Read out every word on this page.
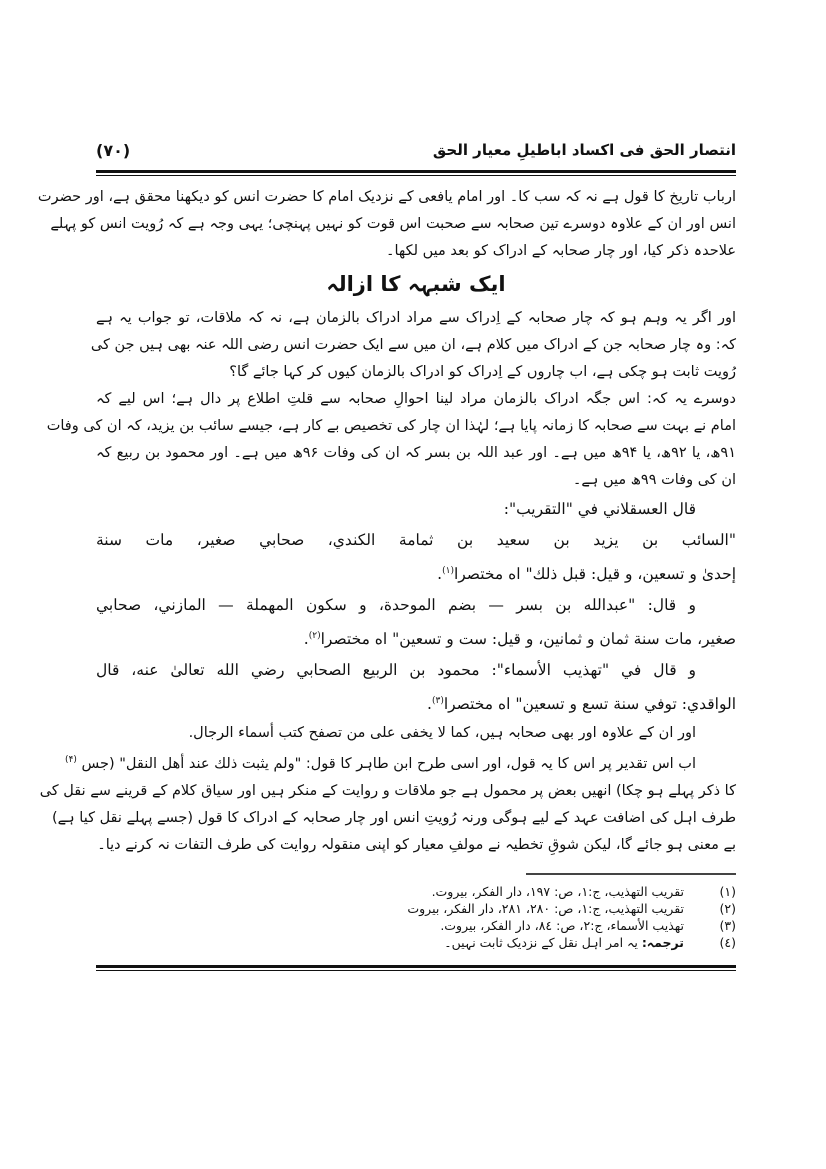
انتصار الحق فی اکساد اباطیلِ معیار الحق
(۷۰)
ارباب تاریخ کا قول ہے نہ کہ سب کا۔ اور امام یافعی کے نزدیک امام کا حضرت انس کو دیکھنا محقق ہے، اور حضرت
انس اور ان کے علاوہ دوسرے تین صحابہ سے صحبت اس قوت کو نہیں پہنچی؛ یہی وجہ ہے کہ رُویت انس کو پہلے
علاحدہ ذکر کیا، اور چار صحابہ کے ادراک کو بعد میں لکھا۔
ایک شبہہ کا ازالہ
اور اگر یہ وہم ہو کہ چار صحابہ کے اِدراک سے مراد ادراک بالزمان ہے، نہ کہ ملاقات، تو جواب یہ ہے
کہ: وہ چار صحابہ جن کے ادراک میں کلام ہے، ان میں سے ایک حضرت انس رضی اللہ عنہ بھی ہیں جن کی
رُویت ثابت ہو چکی ہے، اب چاروں کے اِدراک کو ادراک بالزمان کیوں کر کہا جائے گا؟
دوسرے یہ کہ: اس جگہ ادراک بالزمان مراد لینا احوالِ صحابہ سے قلتِ اطلاع پر دال ہے؛ اس لیے کہ
امام نے بہت سے صحابہ کا زمانہ پایا ہے؛ لہٰذا ان چار کی تخصیص بے کار ہے، جیسے سائب بن یزید، کہ ان کی وفات
۹۱ھ، یا ۹۲ھ، یا ۹۴ھ میں ہے۔ اور عبد اللہ بن بسر کہ ان کی وفات ۹۶ھ میں ہے۔ اور محمود بن ربیع کہ
ان کی وفات ۹۹ھ میں ہے۔
قال العسقلاني في "التقريب":
"السائب بن يزيد بن سعيد بن ثمامة الكندي، صحابي صغير، مات سنة
إحدىٰ و تسعين، و قيل: قبل ذلك" اه مختصرا$^{(۱)}$.
و قال: "عبدالله بن بسر — بضم الموحدة، و سكون المهملة — المازني، صحابي
صغير، مات سنة ثمان و ثمانين، و قيل: ست و تسعين" اه مختصرا$^{(۲)}$.
و قال في "تهذيب الأسماء": محمود بن الربيع الصحابي رضي الله تعالىٰ عنه، قال
الواقدي: توفي سنة تسع و تسعين" اه مختصرا$^{(۳)}$.
اور ان کے علاوہ اور بھی صحابہ ہیں، کما لا یخفی علی من تصفح کتب أسماء الرجال.
اب اس تقدیر پر اس کا یہ قول، اور اسی طرح ابن طاہر کا قول: "ولم يثبت ذلك عند أهل النقل" (جس $^{(۴)}$
کا ذکر پہلے ہو چکا) انھیں بعض پر محمول ہے جو ملاقات و روایت کے منکر ہیں اور سیاق کلام کے قرینے سے نقل کی
طرف اہل کی اضافت عہد کے لیے ہوگی ورنہ رُویتِ انس اور چار صحابہ کے ادراک کا قول (جسے پہلے نقل کیا ہے)
بے معنی ہو جائے گا، لیکن شوقِ تخطیہ نے مولفِ معیار کو اپنی منقولہ روایت کی طرف التفات نہ کرنے دیا۔
(۱)
تقريب التهذيب، ج:۱، ص: ۱۹۷، دار الفكر، بيروت.
(۲)
تقريب التهذيب، ج:۱، ص: ۲۸۰، ۲۸۱، دار الفكر، بيروت
(۳)
تهذيب الأسماء، ج:۲، ص: ۸٤، دار الفكر، بيروت.
(٤)
ترجمہ: یہ امر اہل نقل کے نزدیک ثابت نہیں۔
